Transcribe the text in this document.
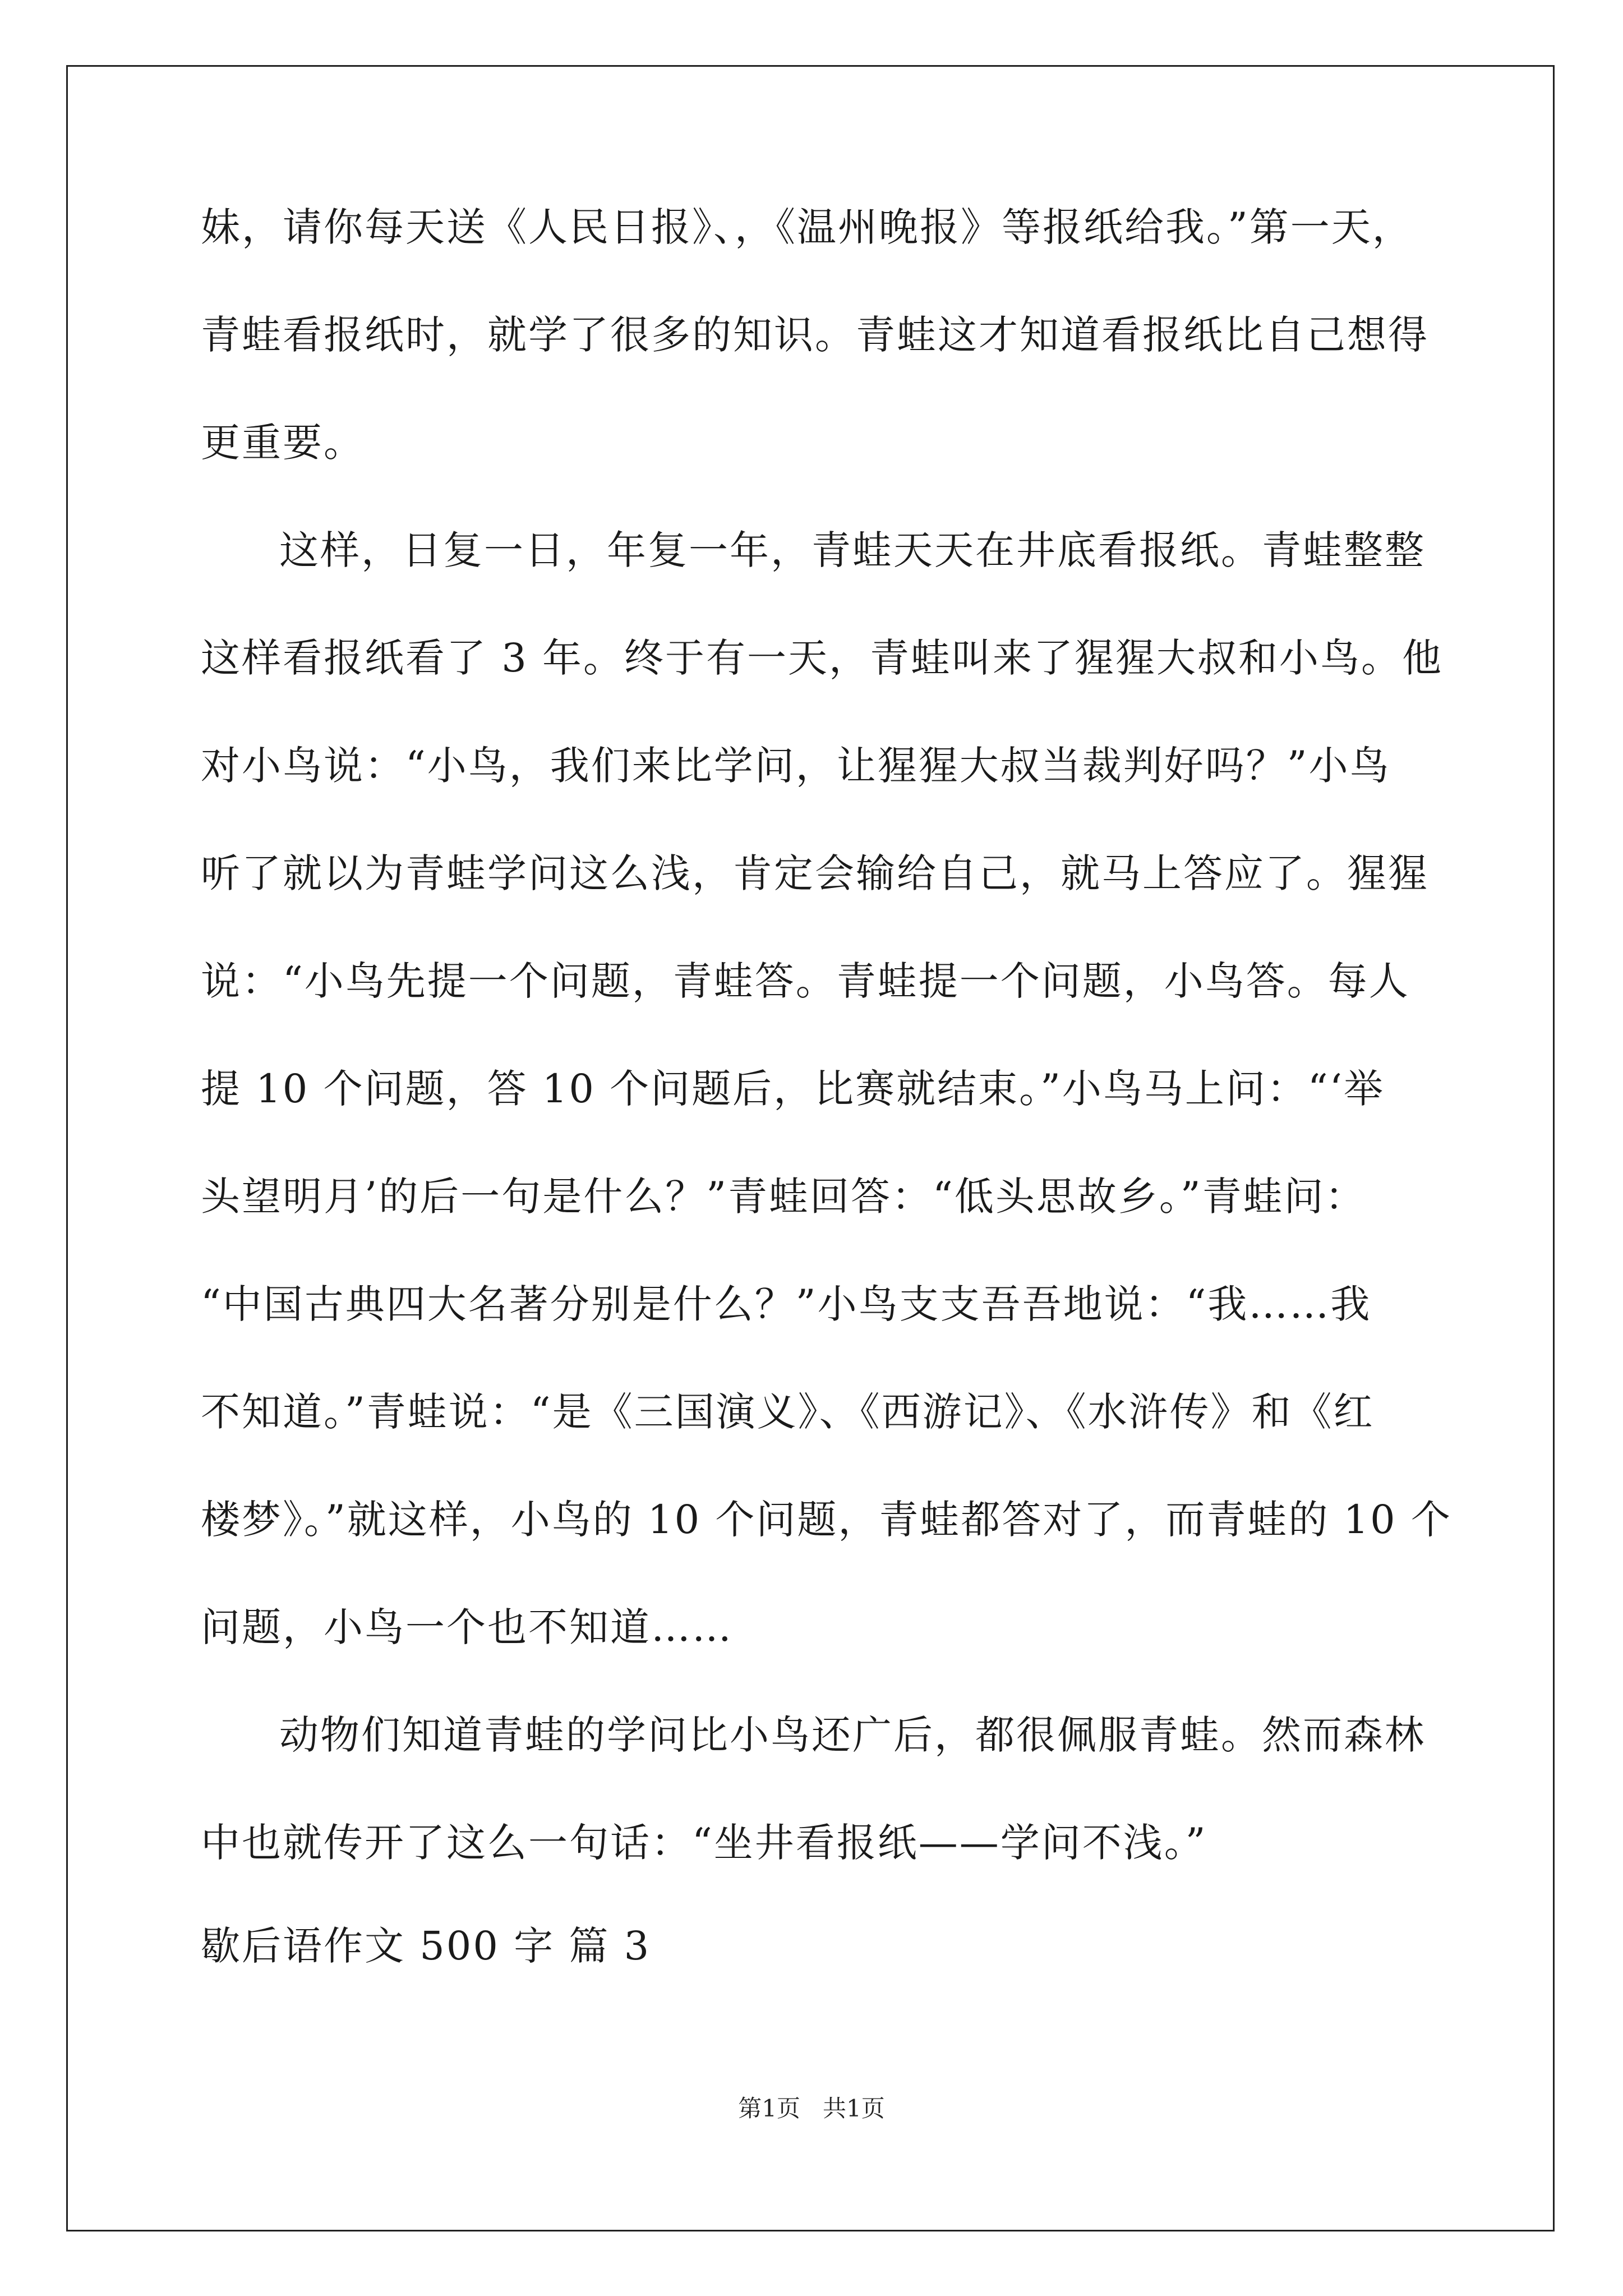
妹，请你每天送《人民日报》、，《温州晚报》等报纸给我。”第一天，
青蛙看报纸时，就学了很多的知识。青蛙这才知道看报纸比自己想得
更重要。
这样，日复一日，年复一年，青蛙天天在井底看报纸。青蛙整整
这样看报纸看了 3 年。终于有一天，青蛙叫来了猩猩大叔和小鸟。他
对小鸟说：“小鸟，我们来比学问，让猩猩大叔当裁判好吗？”小鸟
听了就以为青蛙学问这么浅，肯定会输给自己，就马上答应了。猩猩
说：“小鸟先提一个问题，青蛙答。青蛙提一个问题，小鸟答。每人
提 10 个问题，答 10 个问题后，比赛就结束。”小鸟马上问：“‘举
头望明月’的后一句是什么？”青蛙回答：“低头思故乡。”青蛙问：
“中国古典四大名著分别是什么？”小鸟支支吾吾地说：“我……我
不知道。”青蛙说：“是《三国演义》、《西游记》、《水浒传》和《红
楼梦》。”就这样，小鸟的 10 个问题，青蛙都答对了，而青蛙的 10 个
问题，小鸟一个也不知道……
动物们知道青蛙的学问比小鸟还广后，都很佩服青蛙。然而森林
中也就传开了这么一句话：“坐井看报纸——学问不浅。”
歇后语作文 500 字 篇 3
第1页   共1页
